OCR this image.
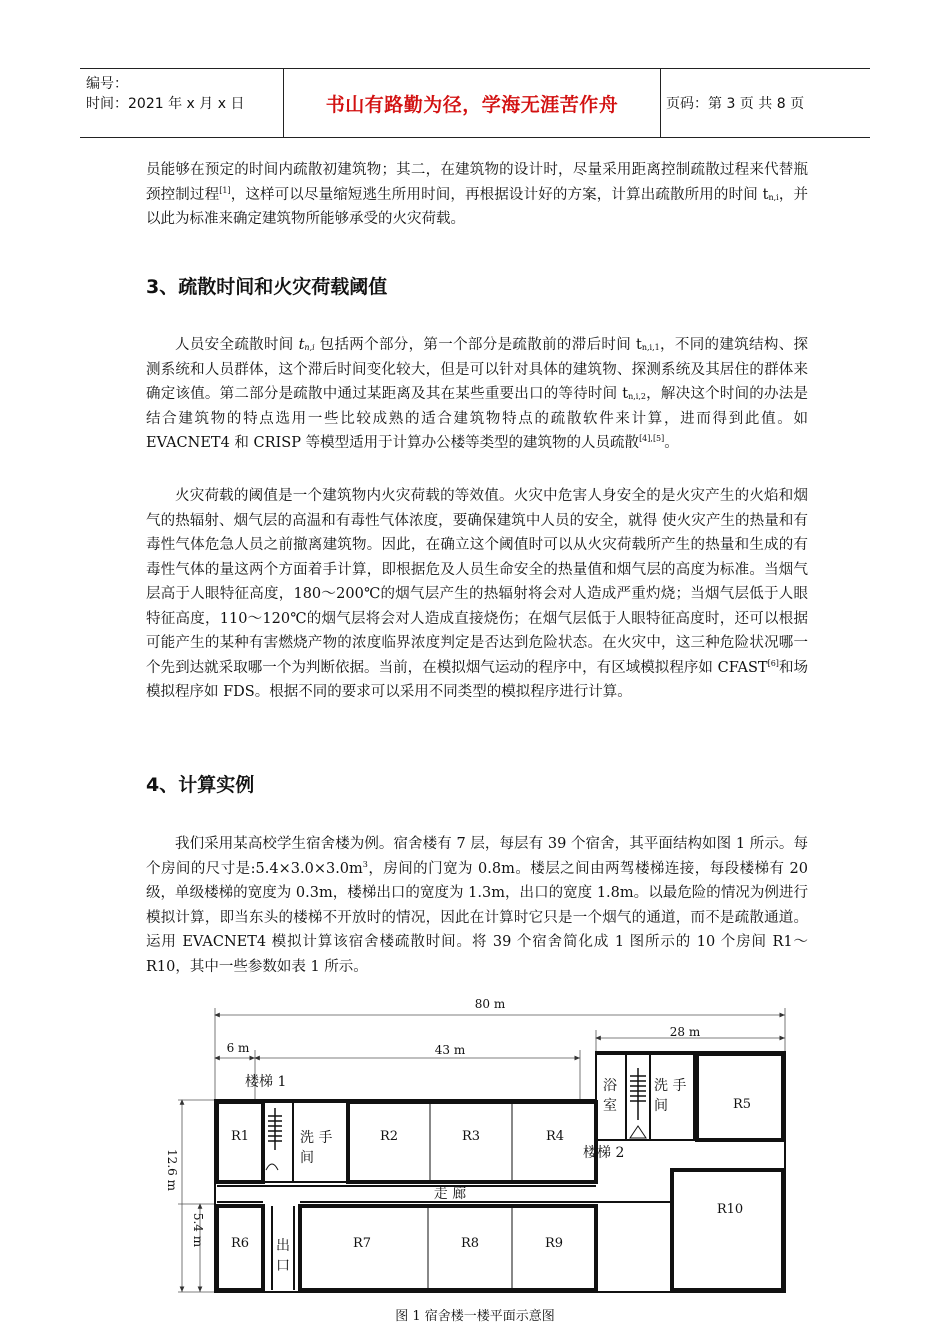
编号：
时间：2021 年 x 月 x 日	书山有路勤为径，学海无涯苦作舟	页码：第 3 页 共 8 页
员能够在预定的时间内疏散初建筑物；其二，在建筑物的设计时，尽量采用距离控制疏散过程来代替瓶颈控制过程[1]，这样可以尽量缩短逃生所用时间，再根据设计好的方案，计算出疏散所用的时间 $t_{n,i}$，并以此为标准来确定建筑物所能够承受的火灾荷载。
3、疏散时间和火灾荷载阈值
人员安全疏散时间 $t_{n,i}$ 包括两个部分，第一个部分是疏散前的滞后时间 $t_{n,i,1}$，不同的建筑结构、探测系统和人员群体，这个滞后时间变化较大，但是可以针对具体的建筑物、探测系统及其居住的群体来确定该值。第二部分是疏散中通过某距离及其在某些重要出口的等待时间 $t_{n,i,2}$，解决这个时间的办法是结合建筑物的特点选用一些比较成熟的适合建筑物特点的疏散软件来计算，进而得到此值。如 EVACNET4 和 CRISP 等模型适用于计算办公楼等类型的建筑物的人员疏散[4],[5]。
火灾荷载的阈值是一个建筑物内火灾荷载的等效值。火灾中危害人身安全的是火灾产生的火焰和烟气的热辐射、烟气层的高温和有毒性气体浓度，要确保建筑中人员的安全，就得 使火灾产生的热量和有毒性气体危急人员之前撤离建筑物。因此，在确立这个阈值时可以从火灾荷载所产生的热量和生成的有毒性气体的量这两个方面着手计算，即根据危及人员生命安全的热量值和烟气层的高度为标准。当烟气层高于人眼特征高度，180～200℃的烟气层产生的热辐射将会对人造成严重灼烧；当烟气层低于人眼特征高度，110～120℃的烟气层将会对人造成直接烧伤；在烟气层低于人眼特征高度时，还可以根据可能产生的某种有害燃烧产物的浓度临界浓度判定是否达到危险状态。在火灾中，这三种危险状况哪一个先到达就采取哪一个为判断依据。当前，在模拟烟气运动的程序中，有区域模拟程序如 CFAST[6]和场模拟程序如 FDS。根据不同的要求可以采用不同类型的模拟程序进行计算。
4、计算实例
我们采用某高校学生宿舍楼为例。宿舍楼有 7 层，每层有 39 个宿舍，其平面结构如图 1 所示。每个房间的尺寸是$:5.4\times 3.0\times 3.0m^3$，房间的门宽为 0.8m。楼层之间由两驾楼梯连接，每段楼梯有 20 级，单级楼梯的宽度为 0.3m，楼梯出口的宽度为 1.3m，出口的宽度 1.8m。以最危险的情况为例进行模拟计算，即当东头的楼梯不开放时的情况，因此在计算时它只是一个烟气的通道，而不是疏散通道。运用 EVACNET4 模拟计算该宿舍楼疏散时间。将 39 个宿舍简化成 1 图所示的 10 个房间 R1～R10，其中一些参数如表 1 所示。
80 m
28 m
6 m	43 m
12.6 m
5.4 m
楼梯 1
楼梯 2
洗 手
间
洗 手
间
浴
室
走 廊
出
口
R1	R2	R3	R4
R5
R6	R7	R8	R9
R10
图 1 宿舍楼一楼平面示意图
